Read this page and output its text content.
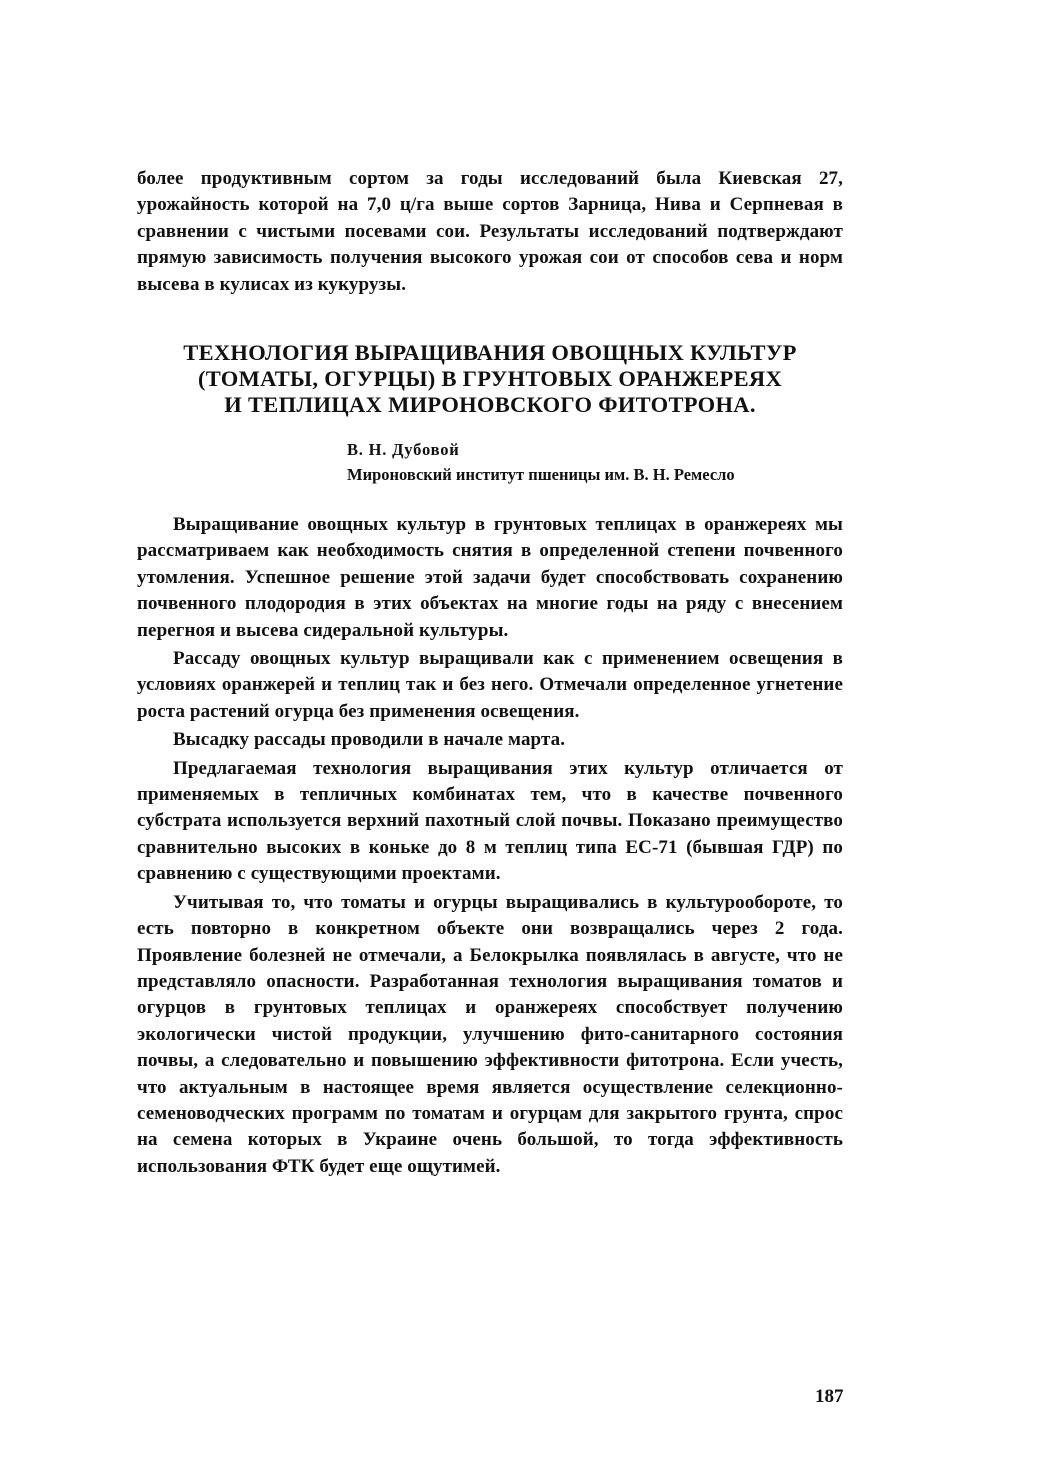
более продуктивным сортом за годы исследований была Киевская 27, урожайность которой на 7,0 ц/га выше сортов Зарница, Нива и Серпневая в сравнении с чистыми посевами сои. Результаты исследований подтверждают прямую зависимость получения высокого урожая сои от способов сева и норм высева в кулисах из кукурузы.
ТЕХНОЛОГИЯ ВЫРАЩИВАНИЯ ОВОЩНЫХ КУЛЬТУР
(ТОМАТЫ, ОГУРЦЫ) В ГРУНТОВЫХ ОРАНЖЕРЕЯХ
И ТЕПЛИЦАХ МИРОНОВСКОГО ФИТОТРОНА.
В. Н. Дубовой
Мироновский институт пшеницы им. В. Н. Ремесло

Выращивание овощных культур в грунтовых теплицах в оранжереях мы рассматриваем как необходимость снятия в определенной степени почвенного утомления. Успешное решение этой задачи будет способствовать сохранению почвенного плодородия в этих объектах на многие годы на ряду с внесением перегноя и высева сидеральной культуры.

Рассаду овощных культур выращивали как с применением освещения в условиях оранжерей и теплиц так и без него. Отмечали определенное угнетение роста растений огурца без применения освещения.

Высадку рассады проводили в начале марта.

Предлагаемая технология выращивания этих культур отличается от применяемых в тепличных комбинатах тем, что в качестве почвенного субстрата используется верхний пахотный слой почвы. Показано преимущество сравнительно высоких в коньке до 8 м теплиц типа ЕС-71 (бывшая ГДР) по сравнению с существующими проектами.

Учитывая то, что томаты и огурцы выращивались в культурообороте, то есть повторно в конкретном объекте они возвращались через 2 года. Проявление болезней не отмечали, а Белокрылка появлялась в августе, что не представляло опасности. Разработанная технология выращивания томатов и огурцов в грунтовых теплицах и оранжереях способствует получению экологически чистой продукции, улучшению фито-санитарного состояния почвы, а следовательно и повышению эффективности фитотрона. Если учесть, что актуальным в настоящее время является осуществление селекционно-семеноводческих программ по томатам и огурцам для закрытого грунта, спрос на семена которых в Украине очень большой, то тогда эффективность использования ФТК будет еще ощутимей.

187
